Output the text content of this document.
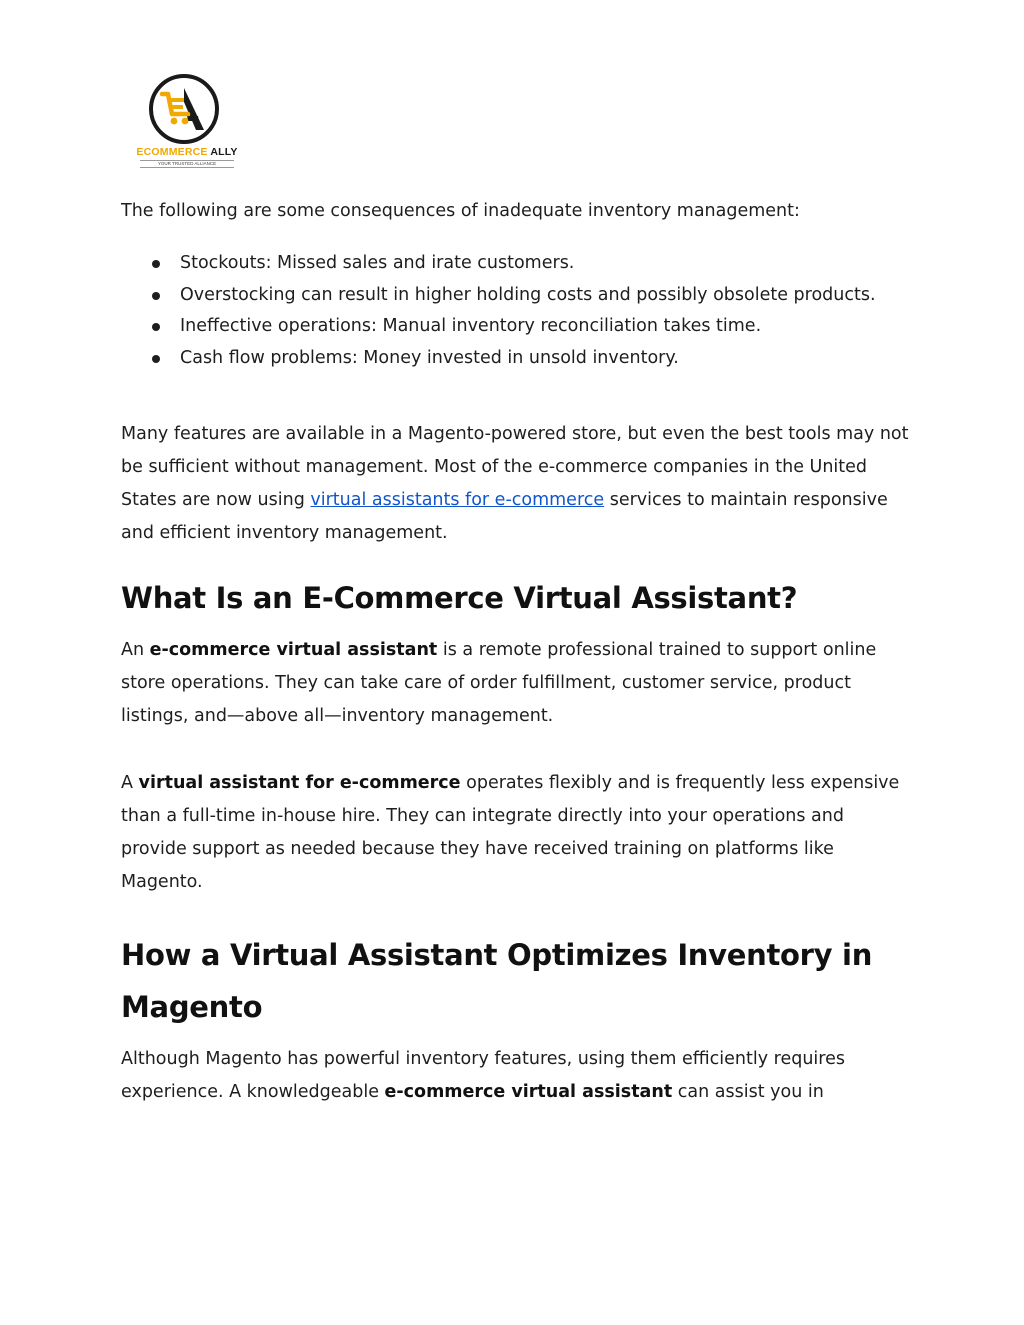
ECOMMERCE ALLY
YOUR TRUSTED ALLIANCE

The following are some consequences of inadequate inventory management:

Stockouts: Missed sales and irate customers.
Overstocking can result in higher holding costs and possibly obsolete products.
Ineffective operations: Manual inventory reconciliation takes time.
Cash flow problems: Money invested in unsold inventory.

Many features are available in a Magento-powered store, but even the best tools may not be sufficient without management. Most of the e-commerce companies in the United States are now using virtual assistants for e-commerce services to maintain responsive and efficient inventory management.

What Is an E-Commerce Virtual Assistant?

An e-commerce virtual assistant is a remote professional trained to support online store operations. They can take care of order fulfillment, customer service, product listings, and—above all—inventory management.

A virtual assistant for e-commerce operates flexibly and is frequently less expensive than a full-time in-house hire. They can integrate directly into your operations and provide support as needed because they have received training on platforms like Magento.

How a Virtual Assistant Optimizes Inventory in Magento

Although Magento has powerful inventory features, using them efficiently requires experience. A knowledgeable e-commerce virtual assistant can assist you in
